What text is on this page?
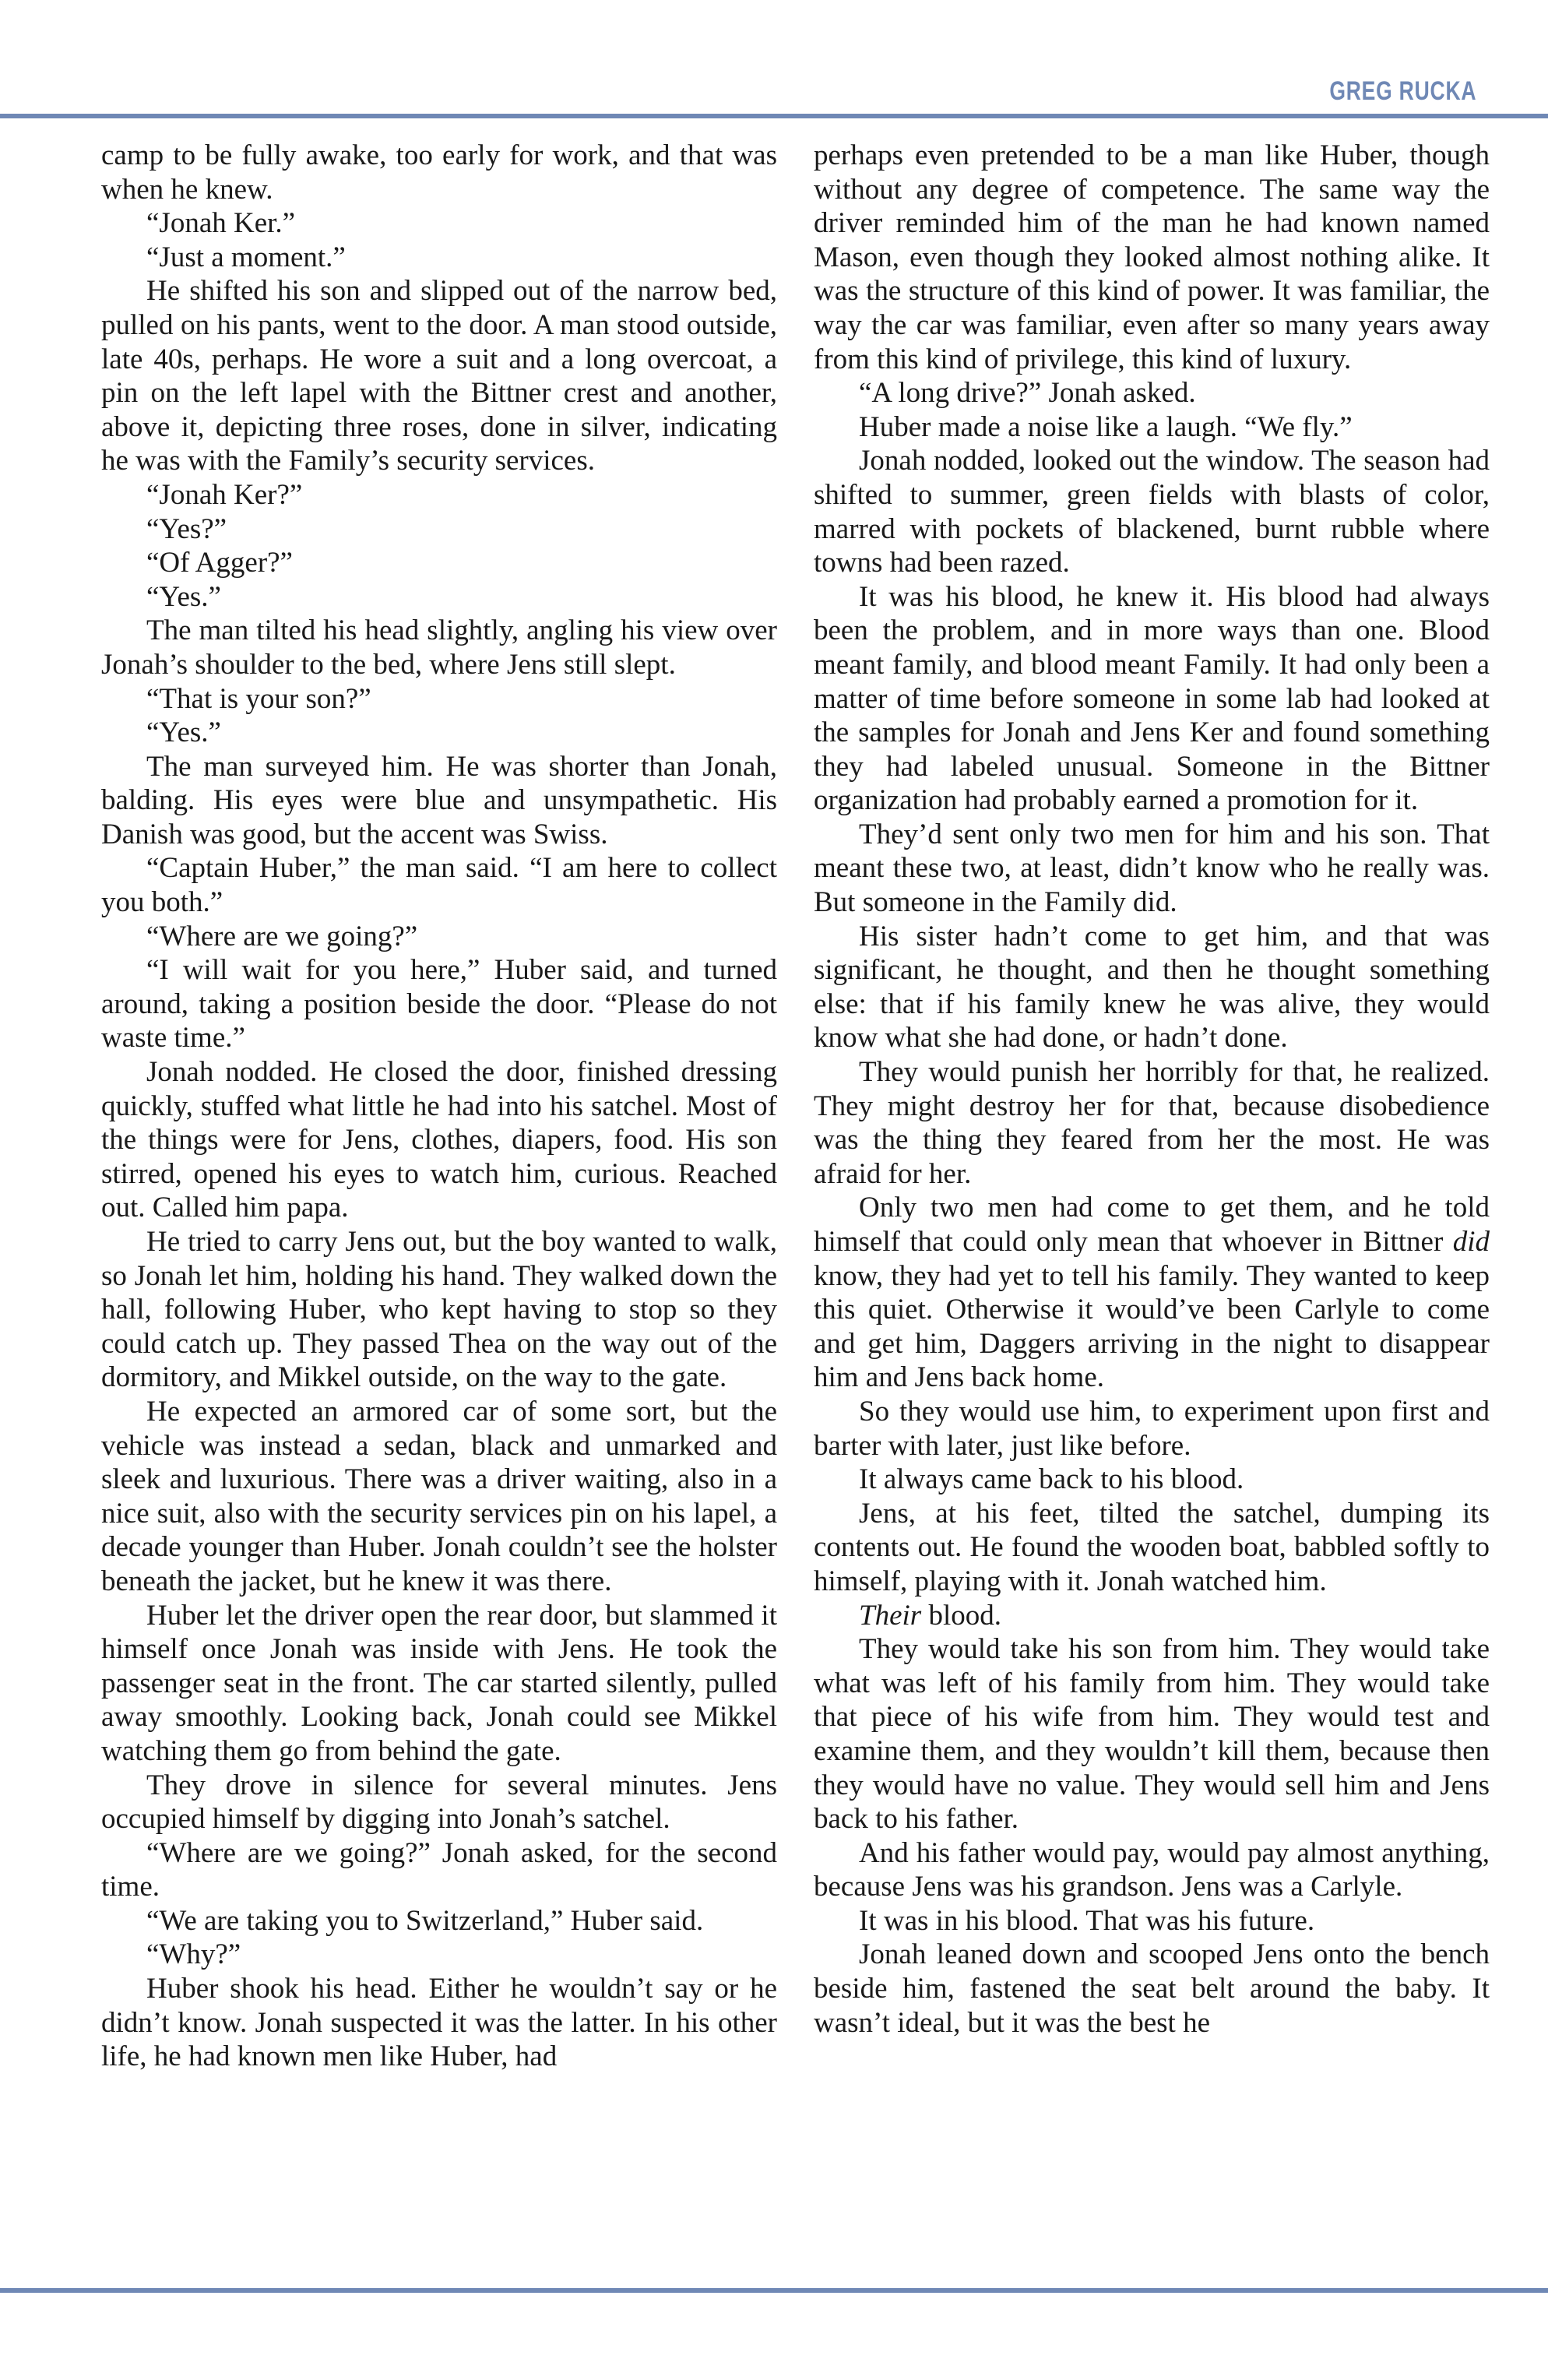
GREG RUCKA

camp to be fully awake, too early for work, and that was when he knew.

“Jonah Ker.”

“Just a moment.”

He shifted his son and slipped out of the narrow bed, pulled on his pants, went to the door. A man stood outside, late 40s, perhaps. He wore a suit and a long overcoat, a pin on the left lapel with the Bittner crest and another, above it, depicting three roses, done in silver, indicating he was with the Family’s security services.

“Jonah Ker?”

“Yes?”

“Of Agger?”

“Yes.”

The man tilted his head slightly, angling his view over Jonah’s shoulder to the bed, where Jens still slept.

“That is your son?”

“Yes.”

The man surveyed him. He was shorter than Jonah, balding. His eyes were blue and unsympathetic. His Danish was good, but the accent was Swiss.

“Captain Huber,” the man said. “I am here to collect you both.”

“Where are we going?”

“I will wait for you here,” Huber said, and turned around, taking a position beside the door. “Please do not waste time.”

Jonah nodded. He closed the door, finished dressing quickly, stuffed what little he had into his satchel. Most of the things were for Jens, clothes, diapers, food. His son stirred, opened his eyes to watch him, curious. Reached out. Called him papa.

He tried to carry Jens out, but the boy wanted to walk, so Jonah let him, holding his hand. They walked down the hall, following Huber, who kept having to stop so they could catch up. They passed Thea on the way out of the dormitory, and Mikkel outside, on the way to the gate.

He expected an armored car of some sort, but the vehicle was instead a sedan, black and unmarked and sleek and luxurious. There was a driver waiting, also in a nice suit, also with the security services pin on his lapel, a decade younger than Huber. Jonah couldn’t see the holster beneath the jacket, but he knew it was there.

Huber let the driver open the rear door, but slammed it himself once Jonah was inside with Jens. He took the passenger seat in the front. The car started silently, pulled away smoothly. Looking back, Jonah could see Mikkel watching them go from behind the gate.

They drove in silence for several minutes. Jens occupied himself by digging into Jonah’s satchel.

“Where are we going?” Jonah asked, for the second time.

“We are taking you to Switzerland,” Huber said.

“Why?”

Huber shook his head. Either he wouldn’t say or he didn’t know. Jonah suspected it was the latter. In his other life, he had known men like Huber, had

perhaps even pretended to be a man like Huber, though without any degree of competence. The same way the driver reminded him of the man he had known named Mason, even though they looked almost nothing alike. It was the structure of this kind of power. It was familiar, the way the car was familiar, even after so many years away from this kind of privilege, this kind of luxury.

“A long drive?” Jonah asked.

Huber made a noise like a laugh. “We fly.”

Jonah nodded, looked out the window. The season had shifted to summer, green fields with blasts of color, marred with pockets of blackened, burnt rubble where towns had been razed.

It was his blood, he knew it. His blood had always been the problem, and in more ways than one. Blood meant family, and blood meant Family. It had only been a matter of time before someone in some lab had looked at the samples for Jonah and Jens Ker and found something they had labeled unusual. Someone in the Bittner organization had probably earned a promotion for it.

They’d sent only two men for him and his son. That meant these two, at least, didn’t know who he really was. But someone in the Family did.

His sister hadn’t come to get him, and that was significant, he thought, and then he thought something else: that if his family knew he was alive, they would know what she had done, or hadn’t done.

They would punish her horribly for that, he realized. They might destroy her for that, because disobedience was the thing they feared from her the most. He was afraid for her.

Only two men had come to get them, and he told himself that could only mean that whoever in Bittner did know, they had yet to tell his family. They wanted to keep this quiet. Otherwise it would’ve been Carlyle to come and get him, Daggers arriving in the night to disappear him and Jens back home.

So they would use him, to experiment upon first and barter with later, just like before.

It always came back to his blood.

Jens, at his feet, tilted the satchel, dumping its contents out. He found the wooden boat, babbled softly to himself, playing with it. Jonah watched him.

Their blood.

They would take his son from him. They would take what was left of his family from him. They would take that piece of his wife from him. They would test and examine them, and they wouldn’t kill them, because then they would have no value. They would sell him and Jens back to his father.

And his father would pay, would pay almost anything, because Jens was his grandson. Jens was a Carlyle.

It was in his blood. That was his future.

Jonah leaned down and scooped Jens onto the bench beside him, fastened the seat belt around the baby. It wasn’t ideal, but it was the best he
